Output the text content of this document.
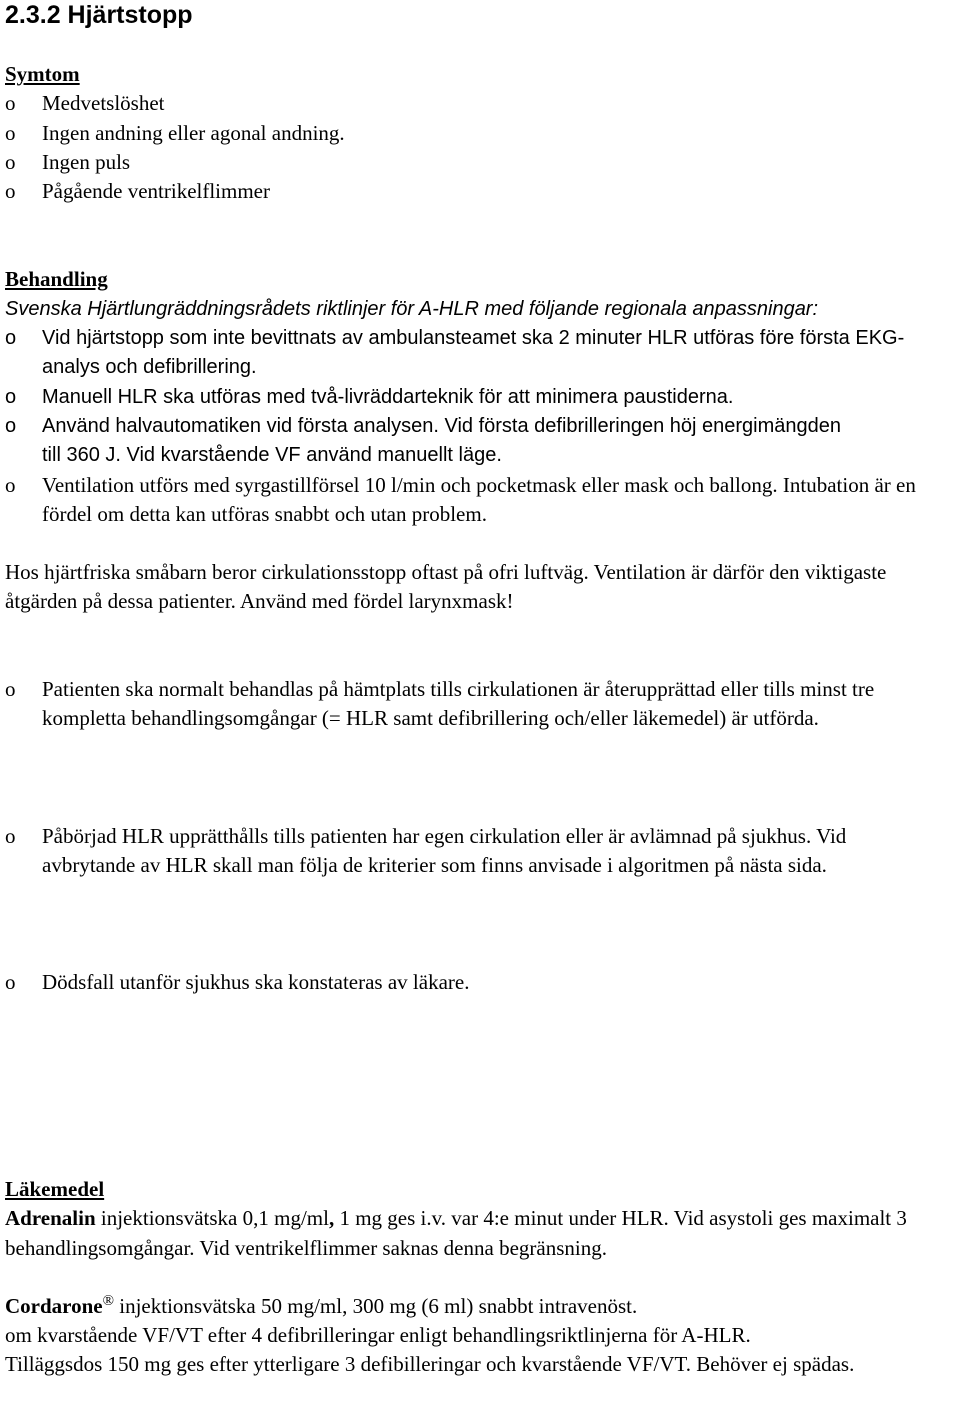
2.3.2 Hjärtstopp
Symtom
o Medvetslöshet
o Ingen andning eller agonal andning.
o Ingen puls
o Pågående ventrikelflimmer
Behandling
Svenska Hjärtlungräddningsrådets riktlinjer för A-HLR med följande regionala anpassningar:
o Vid hjärtstopp som inte bevittnats av ambulansteamet ska 2 minuter HLR utföras före första EKG-analys och defibrillering.
o Manuell HLR ska utföras med två-livräddarteknik för att minimera paustiderna.
o Använd halvautomatiken vid första analysen. Vid första defibrilleringen höj energimängden till 360 J. Vid kvarstående VF använd manuellt läge.
o Ventilation utförs med syrgastillförsel 10 l/min och pocketmask eller mask och ballong. Intubation är en fördel om detta kan utföras snabbt och utan problem.
Hos hjärtfriska småbarn beror cirkulationsstopp oftast på ofri luftväg. Ventilation är därför den viktigaste åtgärden på dessa patienter. Använd med fördel larynxmask!
o Patienten ska normalt behandlas på hämtplats tills cirkulationen är återupprättad eller tills minst tre kompletta behandlingsomgångar (= HLR samt defibrillering och/eller läkemedel) är utförda.
o Påbörjad HLR upprätthålls tills patienten har egen cirkulation eller är avlämnad på sjukhus. Vid avbrytande av HLR skall man följa de kriterier som finns anvisade i algoritmen på nästa sida.
o Dödsfall utanför sjukhus ska konstateras av läkare.
Läkemedel
Adrenalin injektionsvätska 0,1 mg/ml, 1 mg ges i.v. var 4:e minut under HLR. Vid asystoli ges maximalt 3 behandlingsomgångar. Vid ventrikelflimmer saknas denna begränsning.
Cordarone® injektionsvätska 50 mg/ml, 300 mg (6 ml) snabbt intravenöst.
om kvarstående VF/VT efter 4 defibrilleringar enligt behandlingsriktlinjerna för A-HLR.
Tilläggsdos 150 mg ges efter ytterligare 3 defibilleringar och kvarstående VF/VT. Behöver ej spädas.
